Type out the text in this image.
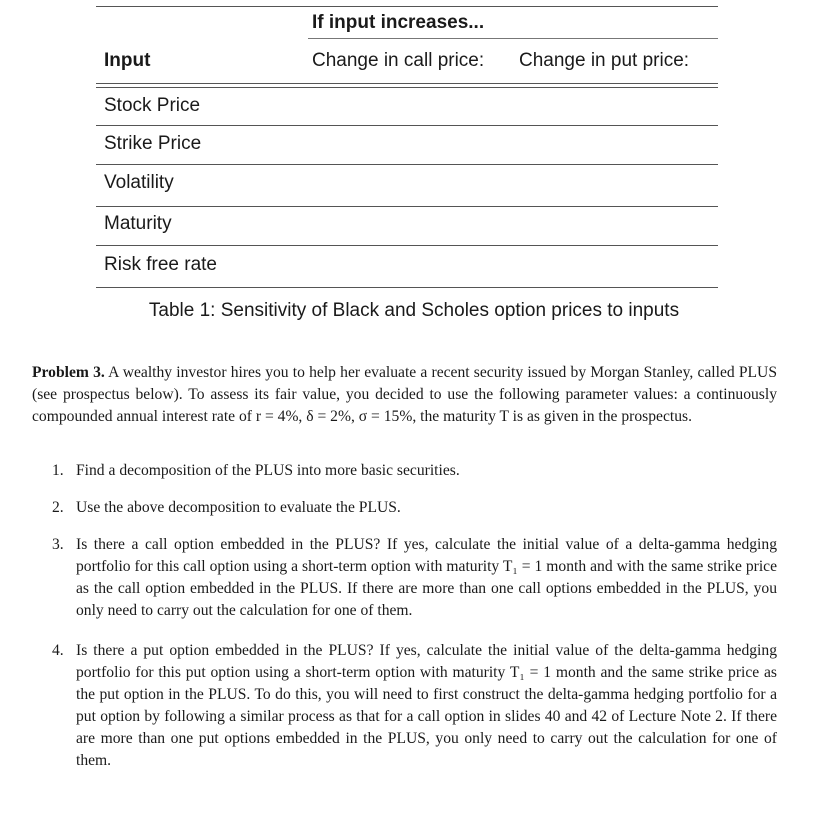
If input increases...
Input	Change in call price: Change in put price:
Stock Price
Strike Price
Volatility
Maturity
Risk free rate
Table 1: Sensitivity of Black and Scholes option prices to inputs
Problem 3. A wealthy investor hires you to help her evaluate a recent security issued by Morgan Stanley, called PLUS (see prospectus below). To assess its fair value, you decided to use the following parameter values: a continuously compounded annual interest rate of r = 4%, δ = 2%, σ = 15%, the maturity T is as given in the prospectus.
1. Find a decomposition of the PLUS into more basic securities.
2. Use the above decomposition to evaluate the PLUS.
3. Is there a call option embedded in the PLUS? If yes, calculate the initial value of a delta-gamma hedging portfolio for this call option using a short-term option with maturity T₁ = 1 month and with the same strike price as the call option embedded in the PLUS. If there are more than one call options embedded in the PLUS, you only need to carry out the calculation for one of them.
4. Is there a put option embedded in the PLUS? If yes, calculate the initial value of the delta-gamma hedging portfolio for this put option using a short-term option with maturity T₁ = 1 month and the same strike price as the put option in the PLUS. To do this, you will need to first construct the delta-gamma hedging portfolio for a put option by following a similar process as that for a call option in slides 40 and 42 of Lecture Note 2. If there are more than one put options embedded in the PLUS, you only need to carry out the calculation for one of them.
